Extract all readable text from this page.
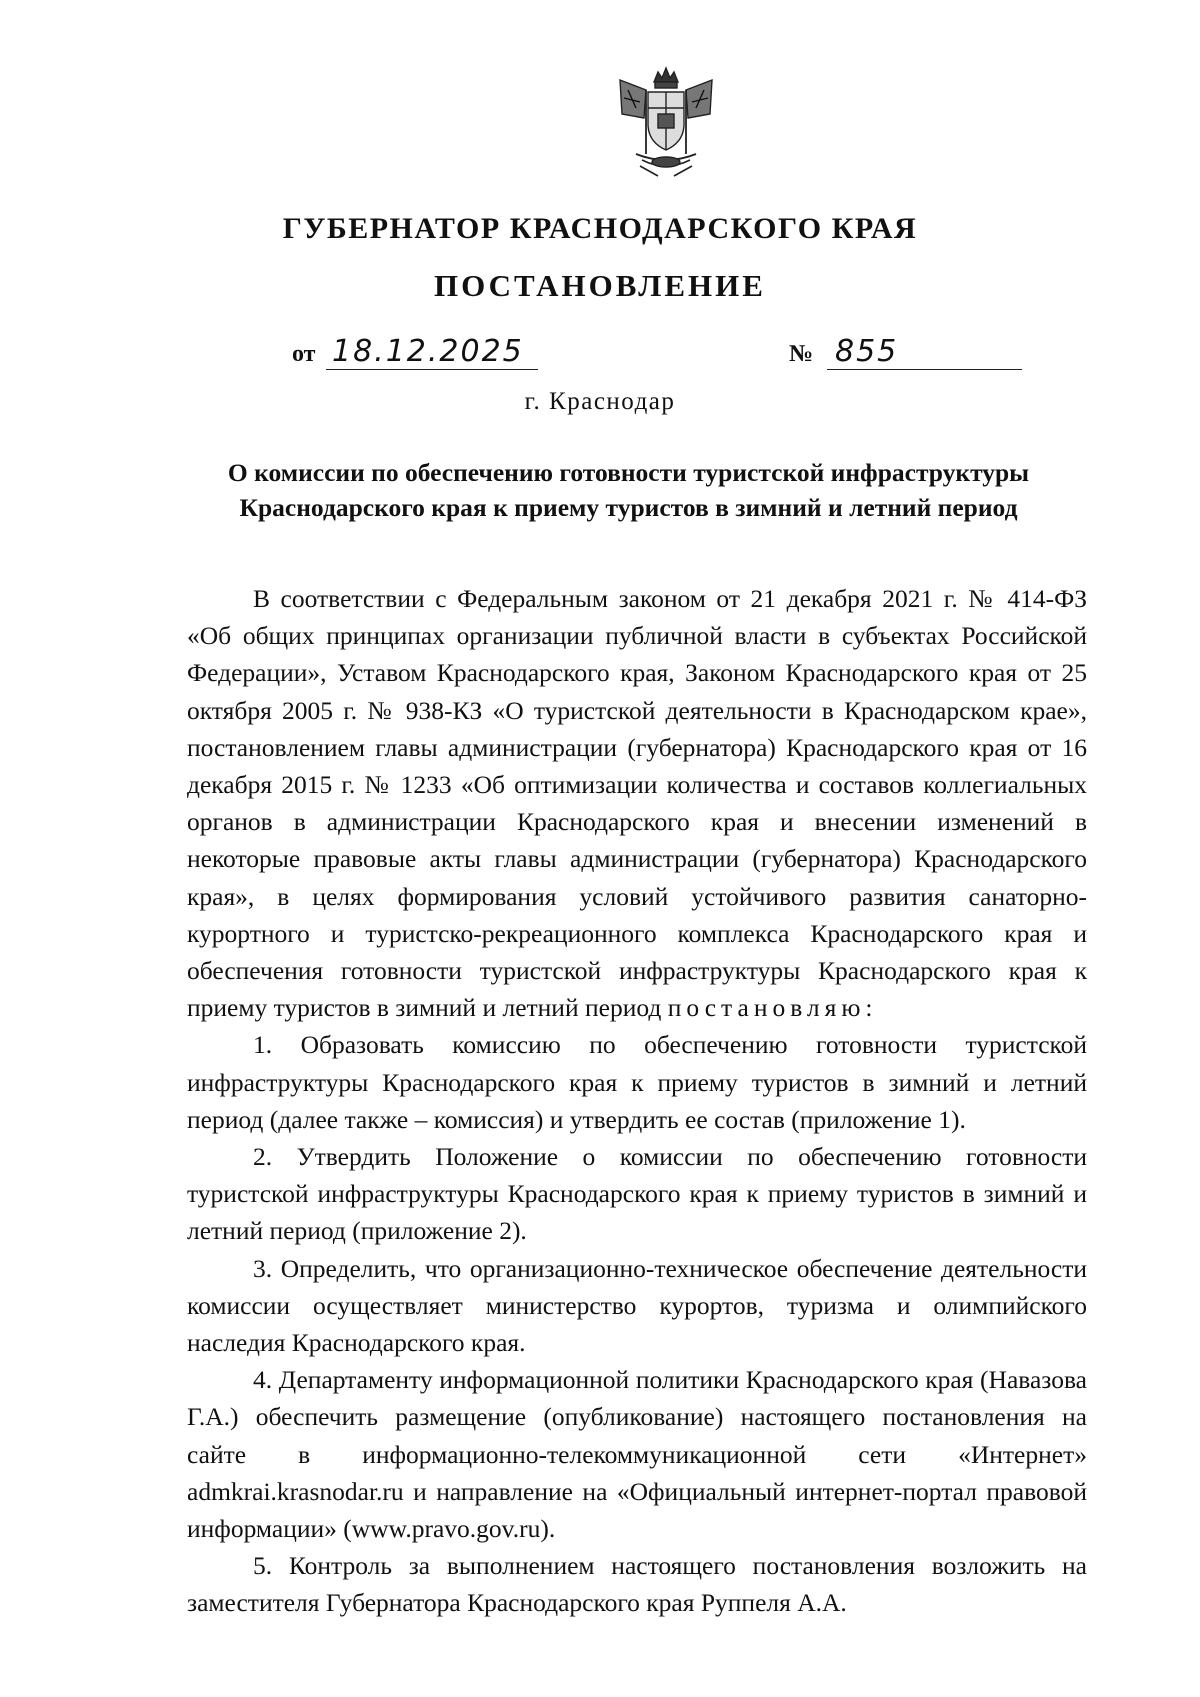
ГУБЕРНАТОР КРАСНОДАРСКОГО КРАЯ
ПОСТАНОВЛЕНИЕ
от 18.12.2025	№ 855
г. Краснодар
О комиссии по обеспечению готовности туристской инфраструктуры
Краснодарского края к приему туристов в зимний и летний период

В соответствии с Федеральным законом от 21 декабря 2021 г. № 414-ФЗ «Об общих принципах организации публичной власти в субъектах Российской Федерации», Уставом Краснодарского края, Законом Краснодарского края от 25 октября 2005 г. № 938-КЗ «О туристской деятельности в Краснодарском крае», постановлением главы администрации (губернатора) Краснодарского края от 16 декабря 2015 г. № 1233 «Об оптимизации количества и составов коллегиальных органов в администрации Краснодарского края и внесении изменений в некоторые правовые акты главы администрации (губернатора) Краснодарского края», в целях формирования условий устойчивого развития санаторно-курортного и туристско-рекреационного комплекса Краснодарского края и обеспечения готовности туристской инфраструктуры Краснодарского края к приему туристов в зимний и летний период постановляю:

1. Образовать комиссию по обеспечению готовности туристской инфраструктуры Краснодарского края к приему туристов в зимний и летний период (далее также – комиссия) и утвердить ее состав (приложение 1).

2. Утвердить Положение о комиссии по обеспечению готовности туристской инфраструктуры Краснодарского края к приему туристов в зимний и летний период (приложение 2).

3. Определить, что организационно-техническое обеспечение деятельности комиссии осуществляет министерство курортов, туризма и олимпийского наследия Краснодарского края.

4. Департаменту информационной политики Краснодарского края (Навазова Г.А.) обеспечить размещение (опубликование) настоящего постановления на сайте в информационно-телекоммуникационной сети «Интернет» admkrai.krasnodar.ru и направление на «Официальный интернет-портал правовой информации» (www.pravo.gov.ru).

5. Контроль за выполнением настоящего постановления возложить на заместителя Губернатора Краснодарского края Руппеля А.А.
